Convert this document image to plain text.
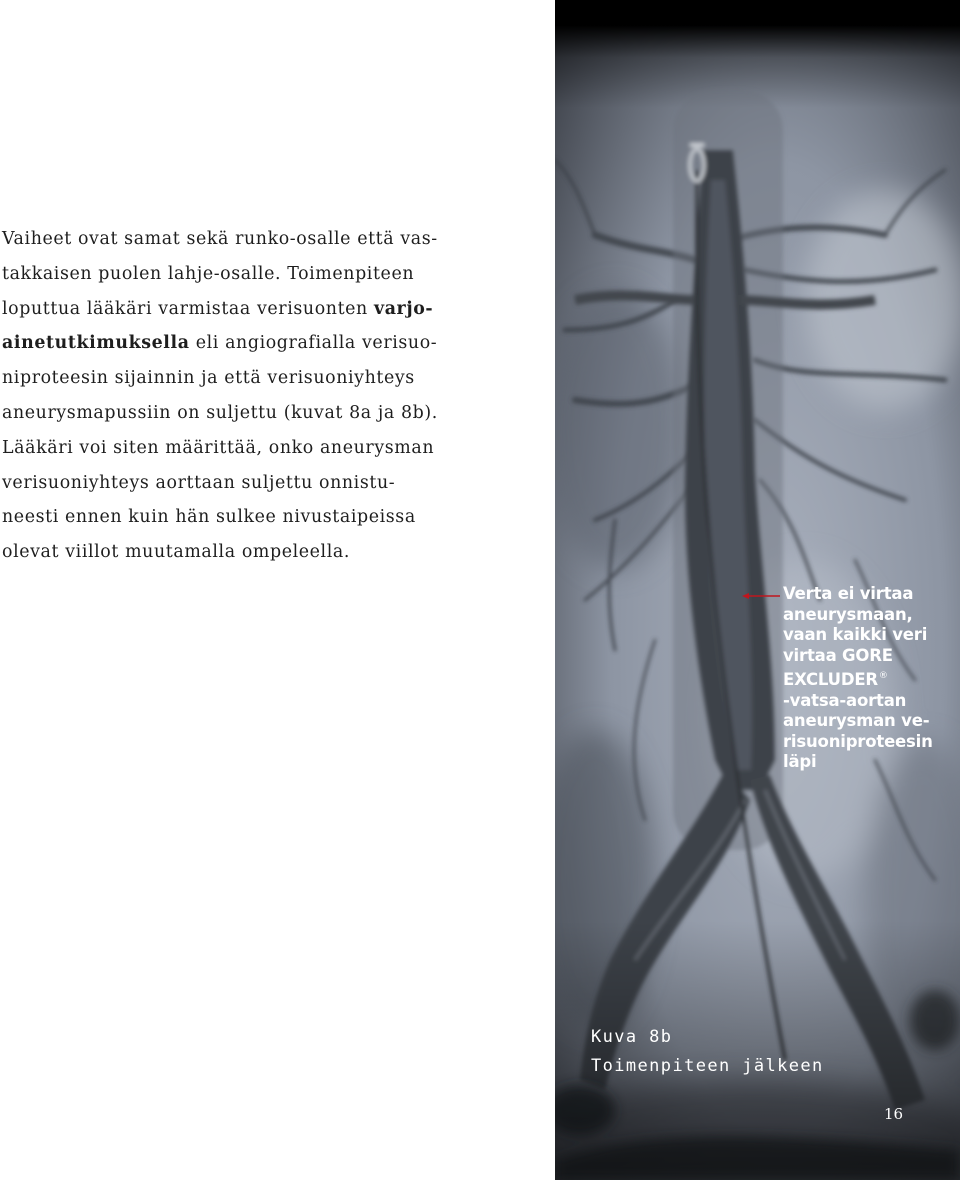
Vaiheet ovat samat sekä runko-osalle että vas-
takkaisen puolen lahje-osalle. Toimenpiteen
loputtua lääkäri varmistaa verisuonten varjo-
ainetutkimuksella eli angiografialla verisuo-
niproteesin sijainnin ja että verisuoniyhteys
aneurysmapussiin on suljettu (kuvat 8a ja 8b).
Lääkäri voi siten määrittää, onko aneurysman
verisuoniyhteys aorttaan suljettu onnistu-
neesti ennen kuin hän sulkee nivustaipeissa
olevat viillot muutamalla ompeleella.
Verta ei virtaa
aneurysmaan,
vaan kaikki veri
virtaa GORE
EXCLUDER®
-vatsa-aortan
aneurysman ve-
risuoniproteesin
läpi
Kuva 8b
Toimenpiteen jälkeen
16
